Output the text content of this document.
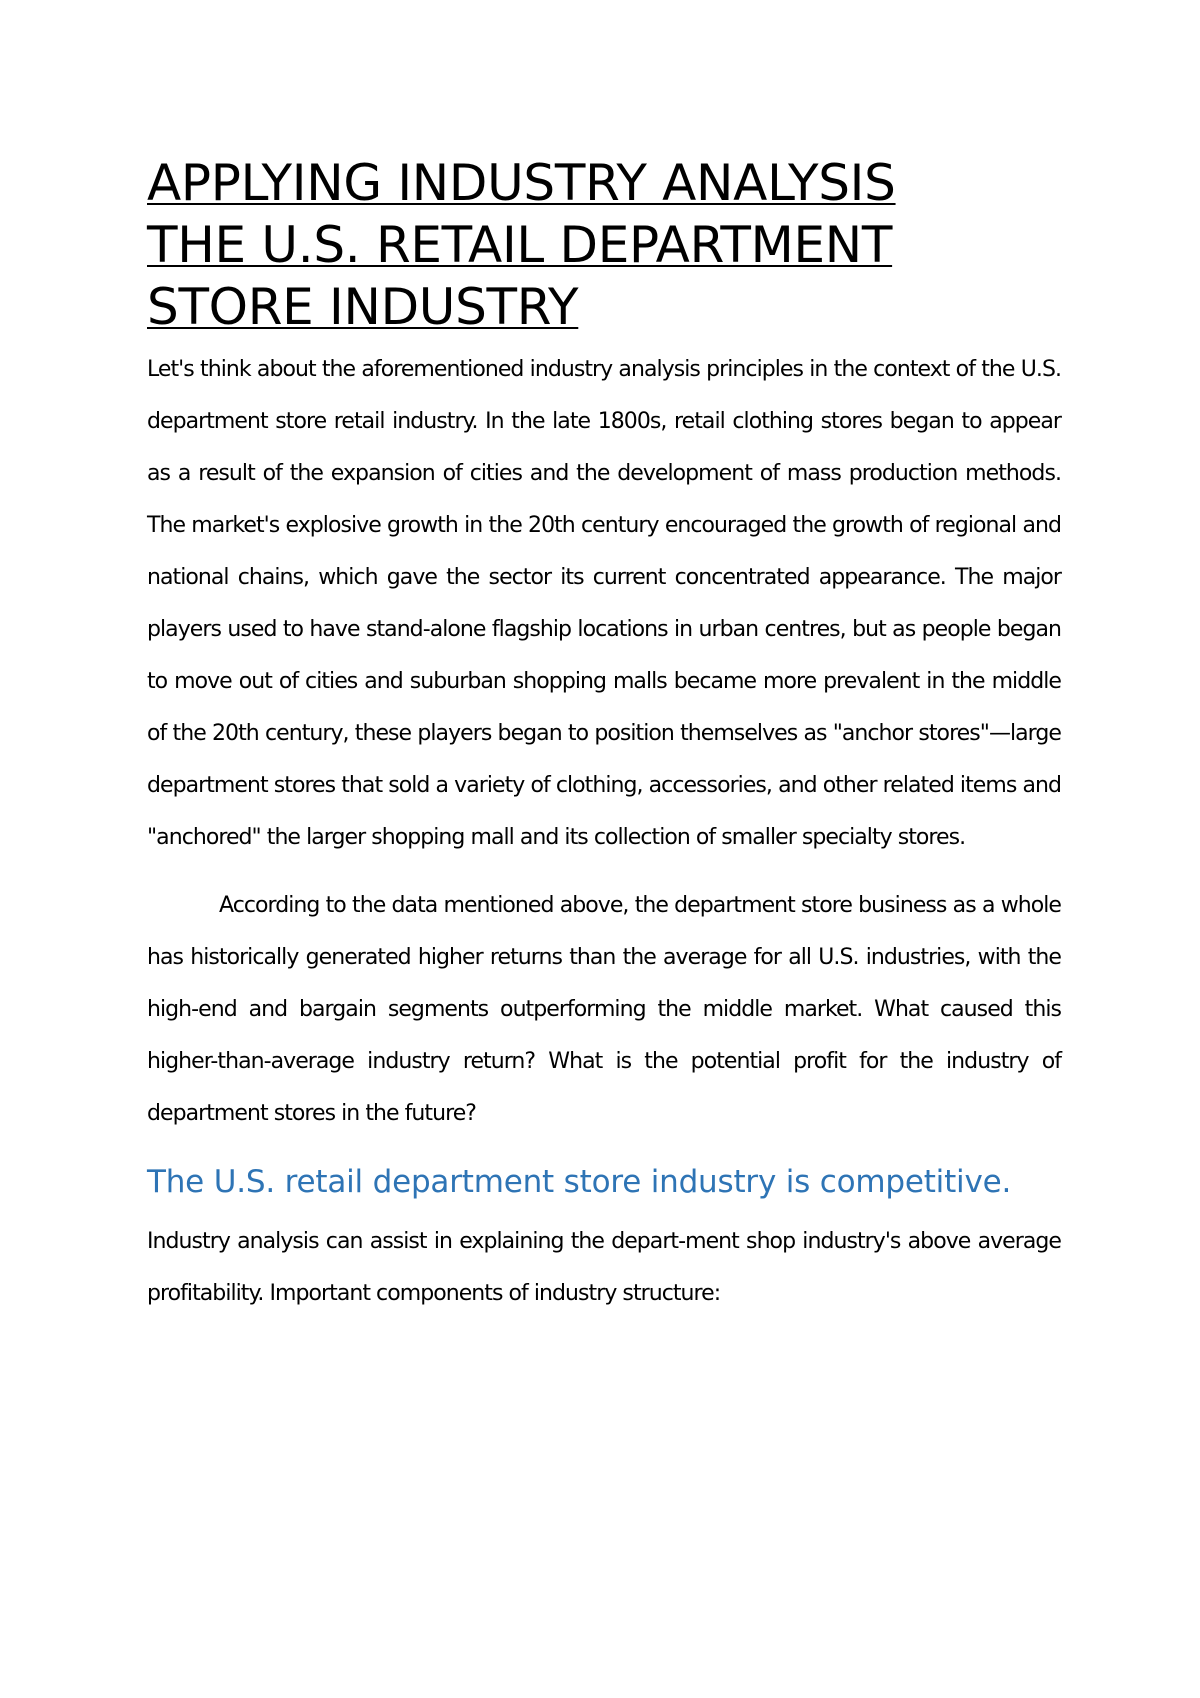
APPLYING INDUSTRY ANALYSIS
THE U.S. RETAIL DEPARTMENT
STORE INDUSTRY

Let's think about the aforementioned industry analysis principles in the context of the U.S. department store retail industry. In the late 1800s, retail clothing stores began to appear as a result of the expansion of cities and the development of mass production methods. The market's explosive growth in the 20th century encouraged the growth of regional and national chains, which gave the sector its current concentrated appearance. The major players used to have stand-alone flagship locations in urban centres, but as people began to move out of cities and suburban shopping malls became more prevalent in the middle of the 20th century, these players began to position themselves as "anchor stores"—large department stores that sold a variety of clothing, accessories, and other related items and "anchored" the larger shopping mall and its collection of smaller specialty stores.

According to the data mentioned above, the department store business as a whole has historically generated higher returns than the average for all U.S. industries, with the high-end and bargain segments outperforming the middle market. What caused this higher-than-average industry return? What is the potential profit for the industry of department stores in the future?

The U.S. retail department store industry is competitive.

Industry analysis can assist in explaining the depart-ment shop industry's above average profitability. Important components of industry structure:
